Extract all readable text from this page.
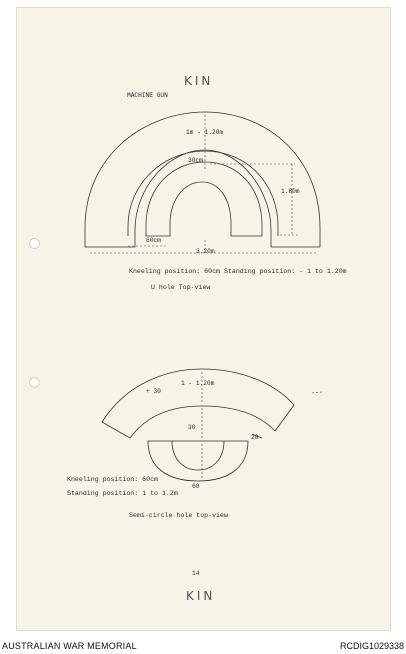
KIN
MACHINE GUN
1m - 1.20m
30cm
1.80m
60cm
3.20m
Kneeling position: 60cm Standing position: - 1 to 1.20m
U hole Top-view
1 - 1.20m
+ 30
30
20
60
Kneeling position: 60cm
Standing position: 1 to 1.2m
Semi-circle hole top-view
14
KIN
AUSTRALIAN WAR MEMORIAL	RCDIG1029338
